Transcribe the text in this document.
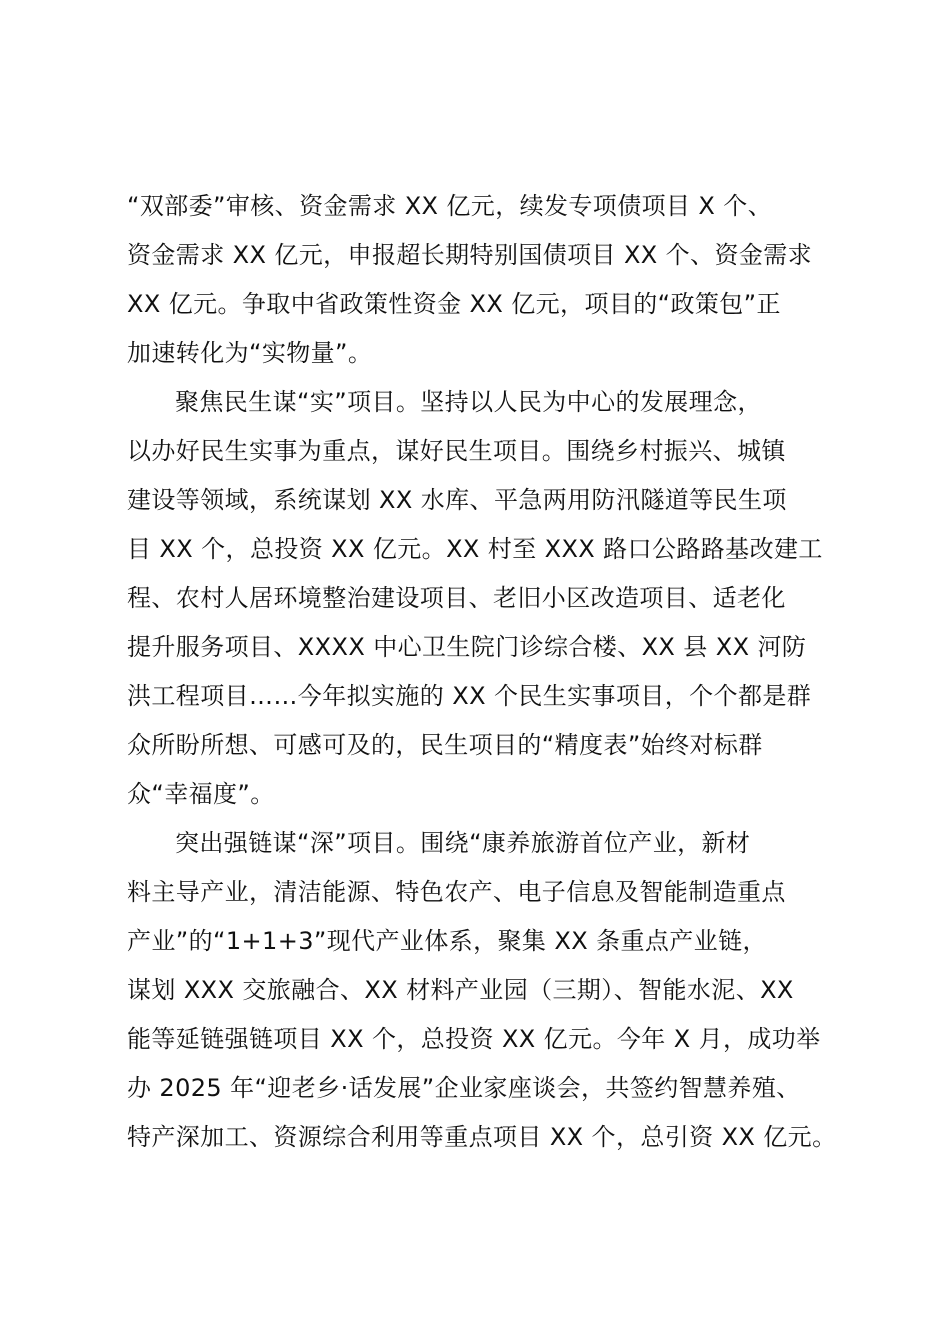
“双部委”审核、资金需求 XX 亿元，续发专项债项目 X 个、
资金需求 XX 亿元，申报超长期特别国债项目 XX 个、资金需求
XX 亿元。争取中省政策性资金 XX 亿元，项目的“政策包”正
加速转化为“实物量”。
聚焦民生谋“实”项目。坚持以人民为中心的发展理念，
以办好民生实事为重点，谋好民生项目。围绕乡村振兴、城镇
建设等领域，系统谋划 XX 水库、平急两用防汛隧道等民生项
目 XX 个，总投资 XX 亿元。XX 村至 XXX 路口公路路基改建工
程、农村人居环境整治建设项目、老旧小区改造项目、适老化
提升服务项目、XXXX 中心卫生院门诊综合楼、XX 县 XX 河防
洪工程项目……今年拟实施的 XX 个民生实事项目，个个都是群
众所盼所想、可感可及的，民生项目的“精度表”始终对标群
众“幸福度”。
突出强链谋“深”项目。围绕“康养旅游首位产业，新材
料主导产业，清洁能源、特色农产、电子信息及智能制造重点
产业”的“1+1+3”现代产业体系，聚集 XX 条重点产业链，
谋划 XXX 交旅融合、XX 材料产业园（三期）、智能水泥、XX
能等延链强链项目 XX 个，总投资 XX 亿元。今年 X 月，成功举
办 2025 年“迎老乡·话发展”企业家座谈会，共签约智慧养殖、
特产深加工、资源综合利用等重点项目 XX 个，总引资 XX 亿元。
